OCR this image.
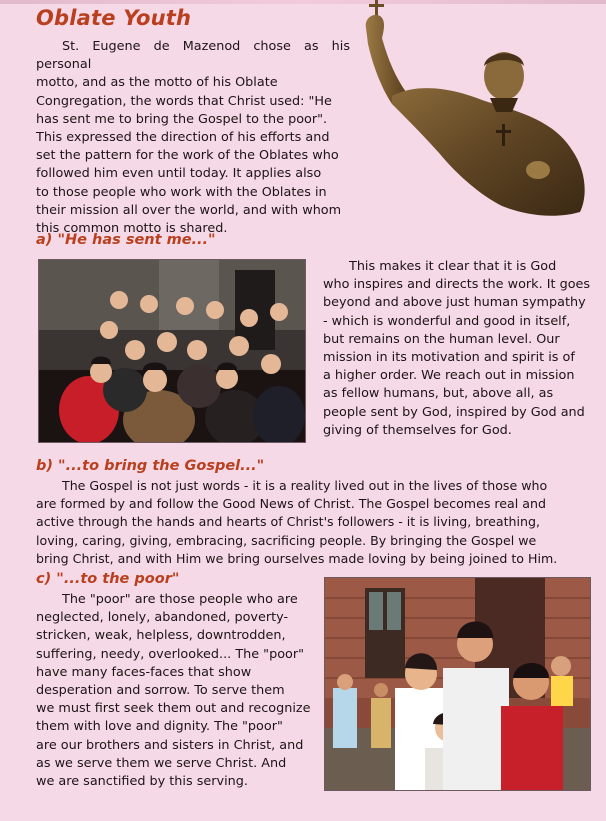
Oblate Youth
St. Eugene de Mazenod chose as his personal
motto, and as the motto of his Oblate
Congregation, the words that Christ used: "He
has sent me to bring the Gospel to the poor".
This expressed the direction of his efforts and
set the pattern for the work of the Oblates who
followed him even until today. It applies also
to those people who work with the Oblates in
their mission all over the world, and with whom
this common motto is shared.
a) "He has sent me..."
This makes it clear that it is God
who inspires and directs the work. It goes
beyond and above just human sympathy
- which is wonderful and good in itself,
but remains on the human level. Our
mission in its motivation and spirit is of
a higher order. We reach out in mission
as fellow humans, but, above all, as
people sent by God, inspired by God and
giving of themselves for God.
b) "...to bring the Gospel..."
The Gospel is not just words - it is a reality lived out in the lives of those who
are formed by and follow the Good News of Christ. The Gospel becomes real and
active through the hands and hearts of Christ's followers - it is living, breathing,
loving, caring, giving, embracing, sacrificing people. By bringing the Gospel we
bring Christ, and with Him we bring ourselves made loving by being joined to Him.
c) "...to the poor"
The "poor" are those people who are
neglected, lonely, abandoned, poverty-
stricken, weak, helpless, downtrodden,
suffering, needy, overlooked... The "poor"
have many faces-faces that show
desperation and sorrow. To serve them
we must first seek them out and recognize
them with love and dignity. The "poor"
are our brothers and sisters in Christ, and
as we serve them we serve Christ. And
we are sanctified by this serving.
